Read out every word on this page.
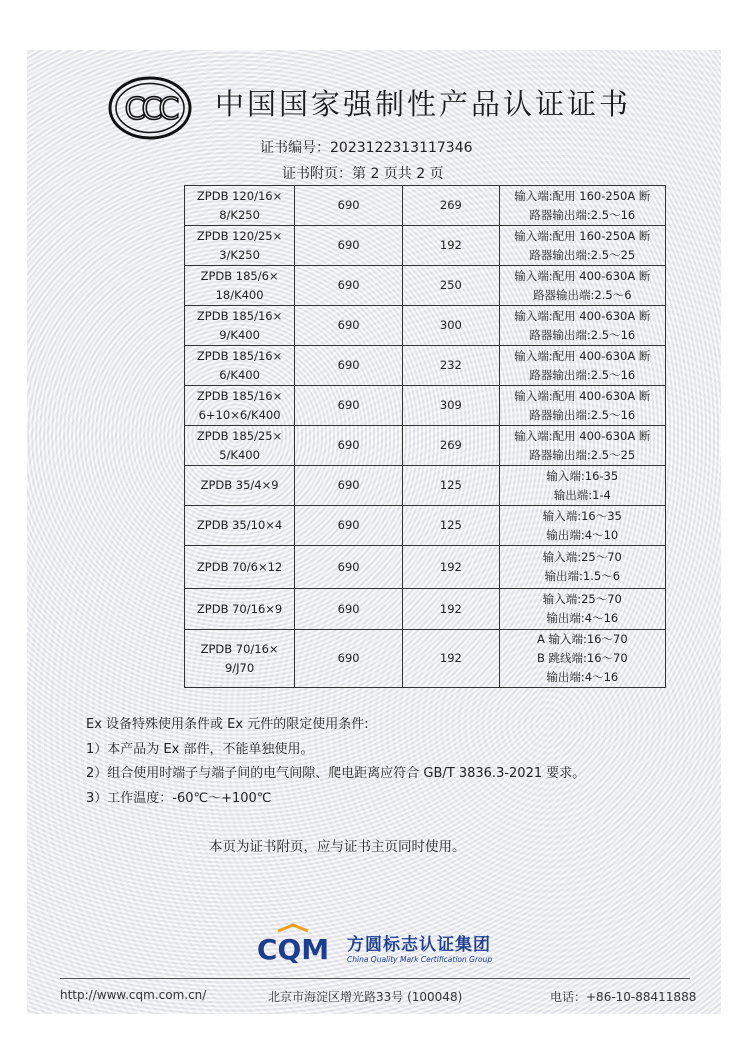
CCC 中国国家强制性产品认证证书
证书编号：2023122313117346
证书附页：第 2 页共 2 页
ZPDB 120/16×
8/K250	690	269	输入端:配用 160-250A 断
路器输出端:2.5～16

ZPDB 120/25×
3/K250	690	192	输入端:配用 160-250A 断
路器输出端:2.5～25

ZPDB 185/6×
18/K400	690	250	输入端:配用 400-630A 断
路器输出端:2.5～6

ZPDB 185/16×
9/K400	690	300	输入端:配用 400-630A 断
路器输出端:2.5～16

ZPDB 185/16×
6/K400	690	232	输入端:配用 400-630A 断
路器输出端:2.5～16

ZPDB 185/16×
6+10×6/K400	690	309	输入端:配用 400-630A 断
路器输出端:2.5～16

ZPDB 185/25×
5/K400	690	269	输入端:配用 400-630A 断
路器输出端:2.5～25

ZPDB 35/4×9	690	125	输入端:16-35
输出端:1-4

ZPDB 35/10×4	690	125	输入端:16～35
输出端:4～10

ZPDB 70/6×12	690	192	输入端:25～70
输出端:1.5～6

ZPDB 70/16×9	690	192	输入端:25～70
输出端:4～16

ZPDB 70/16×
9/J70	690	192	A 输入端:16～70
B 跳线端:16～70
输出端:4～16
Ex 设备特殊使用条件或 Ex 元件的限定使用条件:
1）本产品为 Ex 部件，不能单独使用。
2）组合使用时端子与端子间的电气间隙、爬电距离应符合 GB/T 3836.3-2021 要求。
3）工作温度：-60℃～+100℃
本页为证书附页，应与证书主页同时使用。
CQM 方圆标志认证集团
China Quality Mark Certification Group
http://www.cqm.com.cn/	北京市海淀区增光路33号 (100048)	电话：+86-10-88411888
